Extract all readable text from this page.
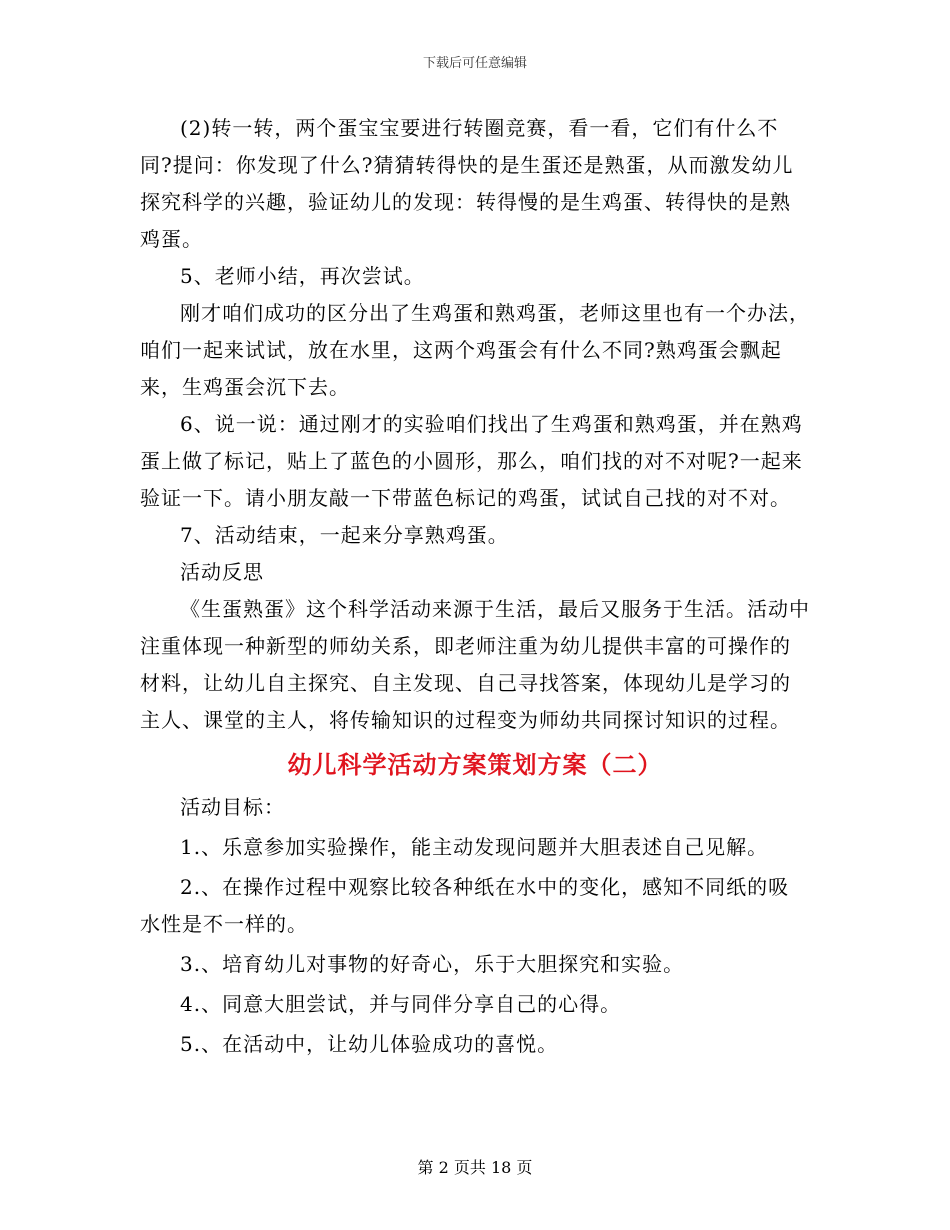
下载后可任意编辑

(2)转一转，两个蛋宝宝要进行转圈竞赛，看一看，它们有什么不同?提问：你发现了什么?猜猜转得快的是生蛋还是熟蛋，从而激发幼儿探究科学的兴趣，验证幼儿的发现：转得慢的是生鸡蛋、转得快的是熟鸡蛋。

5、老师小结，再次尝试。

刚才咱们成功的区分出了生鸡蛋和熟鸡蛋，老师这里也有一个办法，咱们一起来试试，放在水里，这两个鸡蛋会有什么不同?熟鸡蛋会飘起来，生鸡蛋会沉下去。

6、说一说：通过刚才的实验咱们找出了生鸡蛋和熟鸡蛋，并在熟鸡蛋上做了标记，贴上了蓝色的小圆形，那么，咱们找的对不对呢?一起来验证一下。请小朋友敲一下带蓝色标记的鸡蛋，试试自己找的对不对。

7、活动结束，一起来分享熟鸡蛋。

活动反思

《生蛋熟蛋》这个科学活动来源于生活，最后又服务于生活。活动中注重体现一种新型的师幼关系，即老师注重为幼儿提供丰富的可操作的材料，让幼儿自主探究、自主发现、自己寻找答案，体现幼儿是学习的主人、课堂的主人，将传输知识的过程变为师幼共同探讨知识的过程。

幼儿科学活动方案策划方案（二）

活动目标：

1.、乐意参加实验操作，能主动发现问题并大胆表述自己见解。

2.、在操作过程中观察比较各种纸在水中的变化，感知不同纸的吸水性是不一样的。

3.、培育幼儿对事物的好奇心，乐于大胆探究和实验。

4.、同意大胆尝试，并与同伴分享自己的心得。

5.、在活动中，让幼儿体验成功的喜悦。

第 2 页共 18 页
